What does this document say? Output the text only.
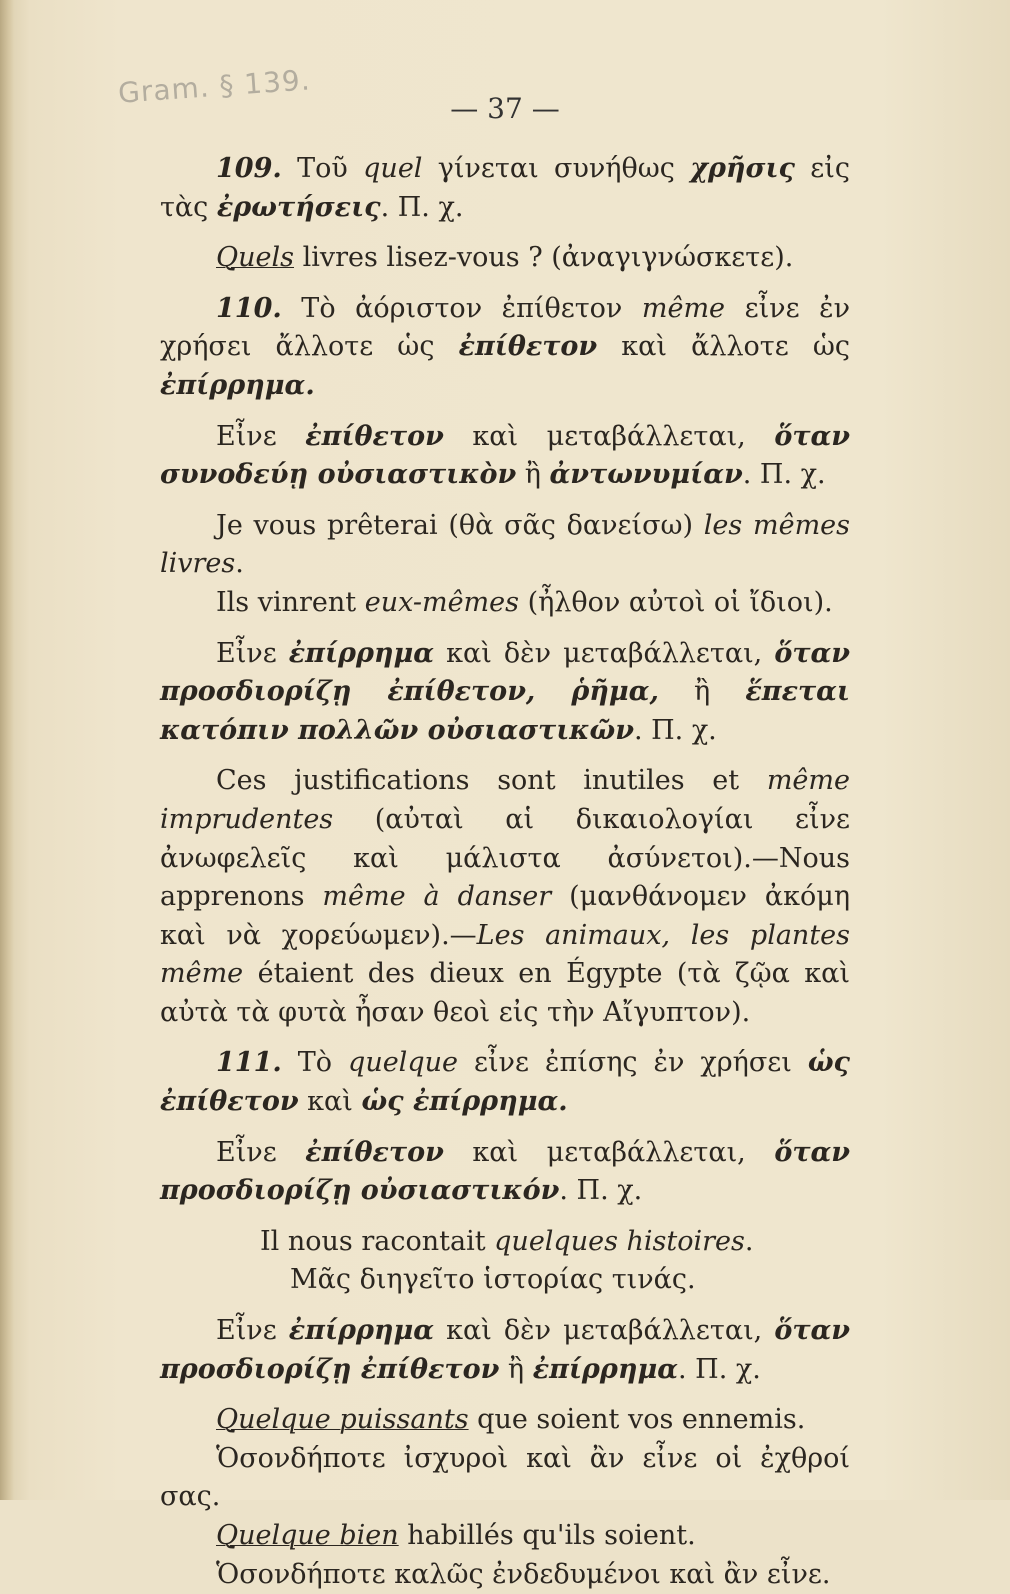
Gram. § 139.	— 37 —

109. Τοῦ quel γίνεται συνήθως χρῆσις εἰς τὰς ἐρωτήσεις. Π. χ.

Quels livres lisez-vous ? (ἀναγιγνώσκετε).

110. Τὸ ἀόριστον ἐπίθετον même εἶνε ἐν χρήσει ἄλλοτε ὡς ἐπίθετον καὶ ἄλλοτε ὡς ἐπίρρημα.

Εἶνε ἐπίθετον καὶ μεταβάλλεται, ὅταν συνοδεύῃ οὐσιαστικὸν ἢ ἀντωνυμίαν. Π. χ.

Je vous prêterai (θὰ σᾶς δανείσω) les mêmes livres.

Ils vinrent eux-mêmes (ἦλθον αὐτοὶ οἱ ἴδιοι).

Εἶνε ἐπίρρημα καὶ δὲν μεταβάλλεται, ὅταν προσδιορίζῃ ἐπίθετον, ῥῆμα, ἢ ἕπεται κατόπιν πολλῶν οὐσιαστικῶν. Π. χ.

Ces justifications sont inutiles et même imprudentes (αὐταὶ αἱ δικαιολογίαι εἶνε ἀνωφελεῖς καὶ μάλιστα ἀσύνετοι).—Nous apprenons même à danser (μανθάνομεν ἀκόμη καὶ νὰ χορεύωμεν).—Les animaux, les plantes même étaient des dieux en Égypte (τὰ ζῷα καὶ αὐτὰ τὰ φυτὰ ἦσαν θεοὶ εἰς τὴν Αἴγυπτον).

111. Τὸ quelque εἶνε ἐπίσης ἐν χρήσει ὡς ἐπίθετον καὶ ὡς ἐπίρρημα.

Εἶνε ἐπίθετον καὶ μεταβάλλεται, ὅταν προσδιορίζῃ οὐσιαστικόν. Π. χ.

Il nous racontait quelques histoires.

Μᾶς διηγεῖτο ἱστορίας τινάς.

Εἶνε ἐπίρρημα καὶ δὲν μεταβάλλεται, ὅταν προσδιορίζῃ ἐπίθετον ἢ ἐπίρρημα. Π. χ.

Quelque puissants que soient vos ennemis.

Ὁσονδήποτε ἰσχυροὶ καὶ ἂν εἶνε οἱ ἐχθροί σας.

Quelque bien habillés qu'ils soient.

Ὁσονδήποτε καλῶς ἐνδεδυμένοι καὶ ἂν εἶνε.
